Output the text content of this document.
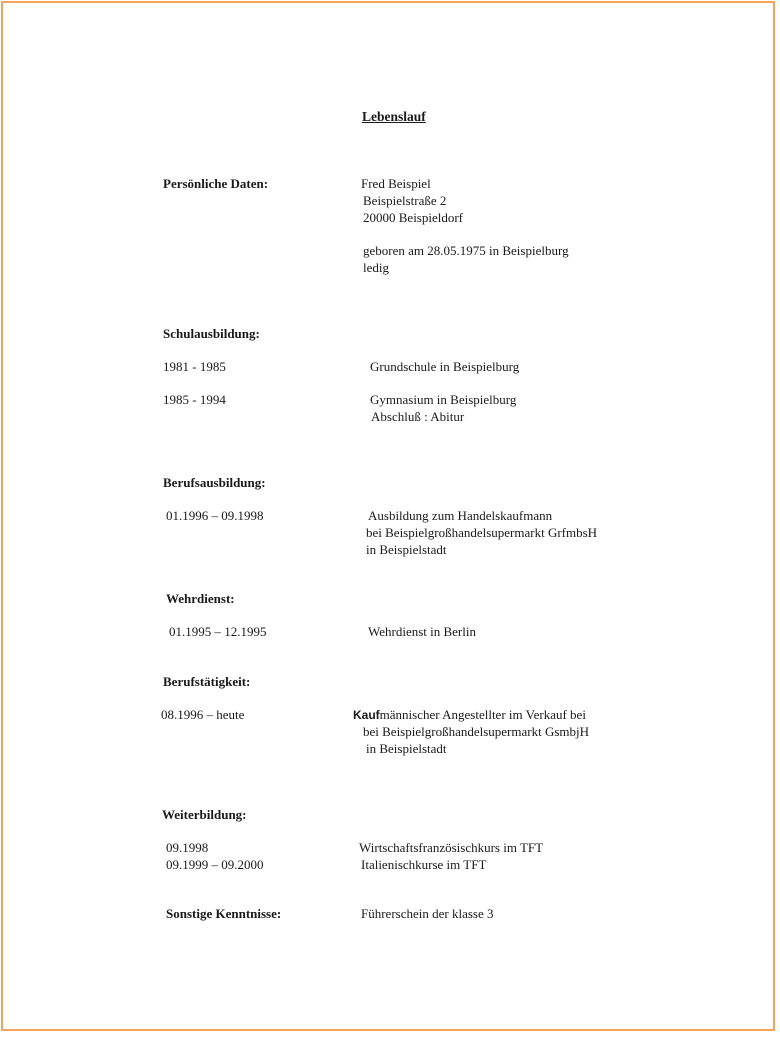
Lebenslauf
Persönliche Daten:	Fred Beispiel
Beispielstraße 2
20000 Beispieldorf
geboren am 28.05.1975 in Beispielburg
ledig
Schulausbildung:
1981 - 1985	Grundschule in Beispielburg
1985 - 1994	Gymnasium in Beispielburg
Abschluß : Abitur
Berufsausbildung:
01.1996 – 09.1998	Ausbildung zum Handelskaufmann
bei Beispielgroßhandelsupermarkt GrfmbsH
in Beispielstadt
Wehrdienst:
01.1995 – 12.1995	Wehrdienst in Berlin
Berufstätigkeit:
08.1996 – heute	Kaufmännischer Angestellter im Verkauf bei
bei Beispielgroßhandelsupermarkt GsmbjH
in Beispielstadt
Weiterbildung:
09.1998	Wirtschaftsfranzösischkurs im TFT
09.1999 – 09.2000	Italienischkurse im TFT
Sonstige Kenntnisse:	Führerschein der klasse 3
